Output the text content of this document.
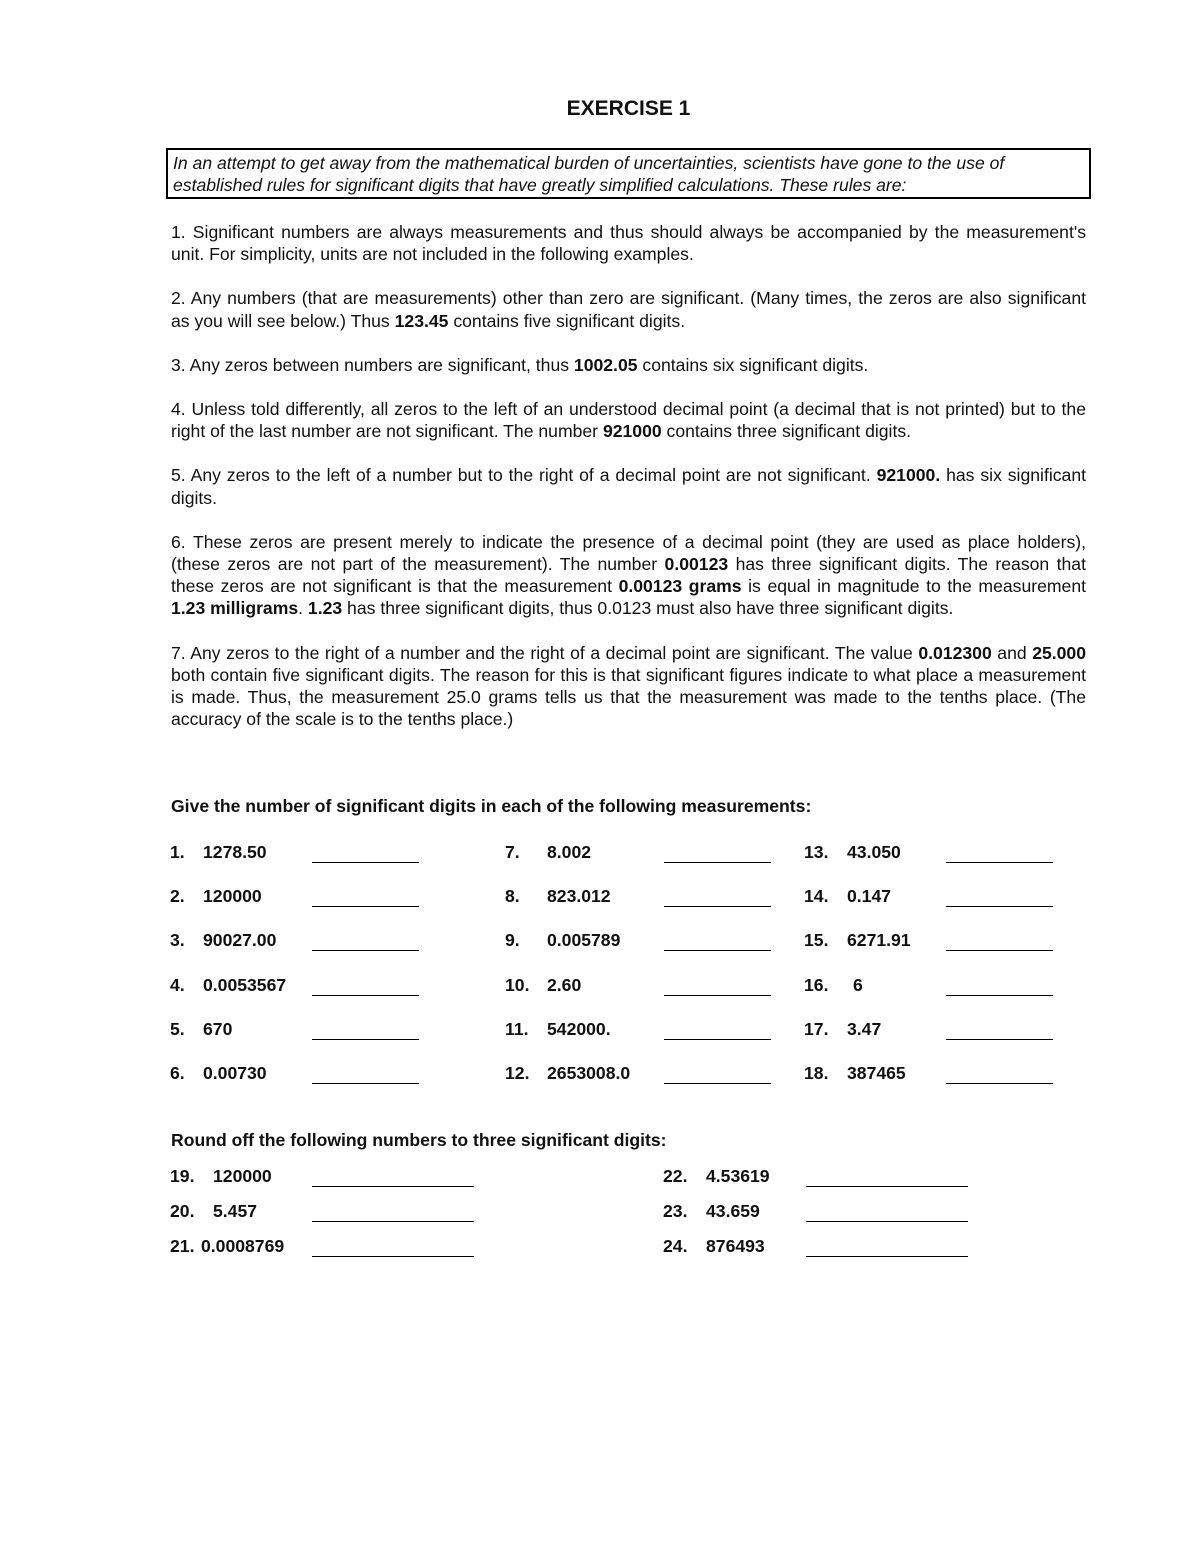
EXERCISE 1
In an attempt to get away from the mathematical burden of uncertainties, scientists have gone to the use of established rules for significant digits that have greatly simplified calculations. These rules are:

1. Significant numbers are always measurements and thus should always be accompanied by the measurement's unit. For simplicity, units are not included in the following examples.

2. Any numbers (that are measurements) other than zero are significant. (Many times, the zeros are also significant as you will see below.) Thus 123.45 contains five significant digits.

3. Any zeros between numbers are significant, thus 1002.05 contains six significant digits.

4. Unless told differently, all zeros to the left of an understood decimal point (a decimal that is not printed) but to the right of the last number are not significant. The number 921000 contains three significant digits.

5. Any zeros to the left of a number but to the right of a decimal point are not significant. 921000. has six significant digits.

6. These zeros are present merely to indicate the presence of a decimal point (they are used as place holders), (these zeros are not part of the measurement). The number 0.00123 has three significant digits. The reason that these zeros are not significant is that the measurement 0.00123 grams is equal in magnitude to the measurement 1.23 milligrams. 1.23 has three significant digits, thus 0.0123 must also have three significant digits.

7. Any zeros to the right of a number and the right of a decimal point are significant. The value 0.012300 and 25.000 both contain five significant digits. The reason for this is that significant figures indicate to what place a measurement is made. Thus, the measurement 25.0 grams tells us that the measurement was made to the tenths place. (The accuracy of the scale is to the tenths place.)

Give the number of significant digits in each of the following measurements:
1. 1278.50
2. 120000
3. 90027.00
4. 0.0053567
5. 670
6. 0.00730
7. 8.002
8. 823.012
9. 0.005789
10. 2.60
11. 542000.
12. 2653008.0
13. 43.050
14. 0.147
15. 6271.91
16. 6
17. 3.47
18. 387465
Round off the following numbers to three significant digits:
19. 120000
20. 5.457
21. 0.0008769
22. 4.53619
23. 43.659
24. 876493
